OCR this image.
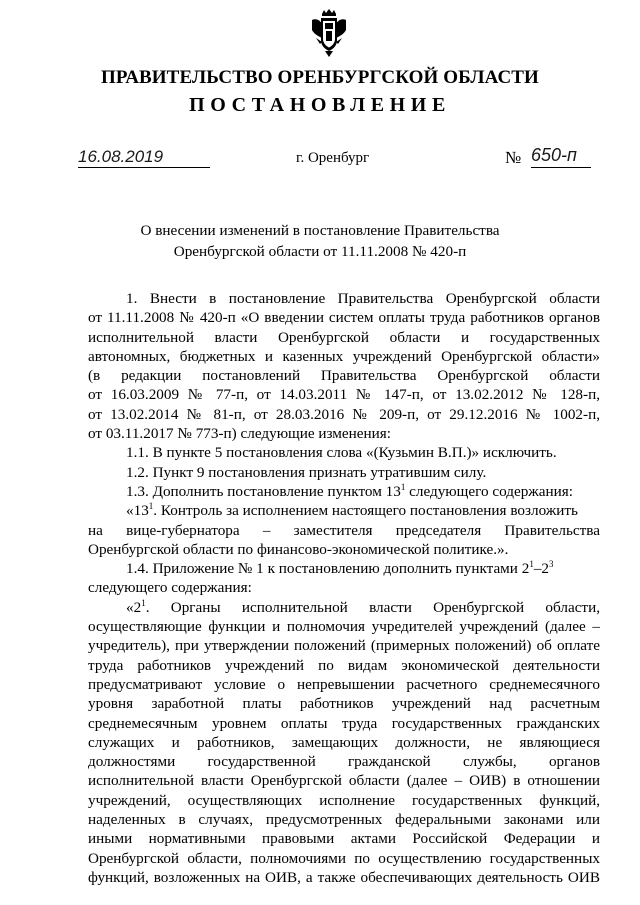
ПРАВИТЕЛЬСТВО ОРЕНБУРГСКОЙ ОБЛАСТИ
ПОСТАНОВЛЕНИЕ
16.08.2019	г. Оренбург	№ 650-п
О внесении изменений в постановление Правительства
Оренбургской области от 11.11.2008 № 420-п
1. Внести в постановление Правительства Оренбургской области
от 11.11.2008 № 420-п «О введении систем оплаты труда работников органов
исполнительной власти Оренбургской области и государственных
автономных, бюджетных и казенных учреждений Оренбургской области»
(в редакции постановлений Правительства Оренбургской области
от 16.03.2009 № 77-п, от 14.03.2011 № 147-п, от 13.02.2012 № 128-п,
от 13.02.2014 № 81-п, от 28.03.2016 № 209-п, от 29.12.2016 № 1002-п,
от 03.11.2017 № 773-п) следующие изменения:
1.1. В пункте 5 постановления слова «(Кузьмин В.П.)» исключить.
1.2. Пункт 9 постановления признать утратившим силу.
1.3. Дополнить постановление пунктом $13^1$ следующего содержания:
«$13^1$. Контроль за исполнением настоящего постановления возложить
на вице-губернатора – заместителя председателя Правительства
Оренбургской области по финансово-экономической политике.».
1.4. Приложение № 1 к постановлению дополнить пунктами $2^1-2^3$
следующего содержания:
«$2^1$. Органы исполнительной власти Оренбургской области,
осуществляющие функции и полномочия учредителей учреждений (далее –
учредитель), при утверждении положений (примерных положений) об оплате
труда работников учреждений по видам экономической деятельности
предусматривают условие о непревышении расчетного среднемесячного
уровня заработной платы работников учреждений над расчетным
среднемесячным уровнем оплаты труда государственных гражданских
служащих и работников, замещающих должности, не являющиеся
должностями государственной гражданской службы, органов
исполнительной власти Оренбургской области (далее – ОИВ) в отношении
учреждений, осуществляющих исполнение государственных функций,
наделенных в случаях, предусмотренных федеральными законами или
иными нормативными правовыми актами Российской Федерации и
Оренбургской области, полномочиями по осуществлению государственных
функций, возложенных на ОИВ, а также обеспечивающих деятельность ОИВ
